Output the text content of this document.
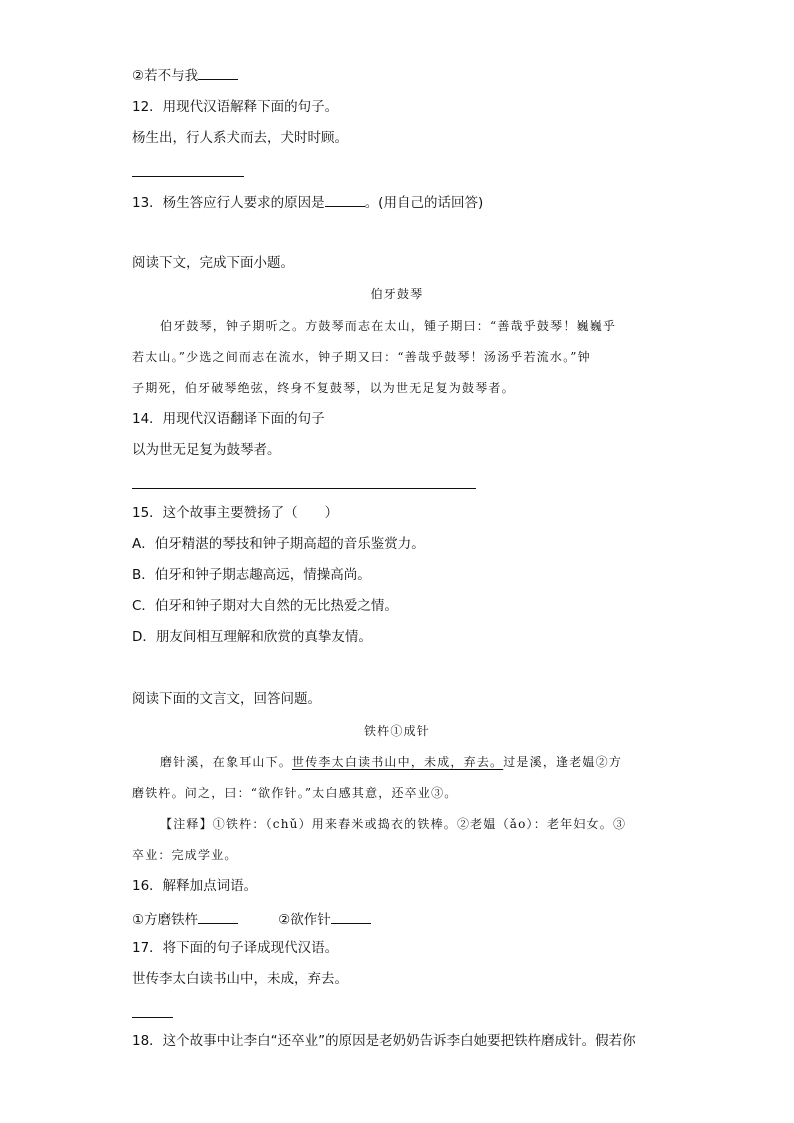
②若不与我
12．用现代汉语解释下面的句子。
杨生出，行人系犬而去，犬时时顾。
13．杨生答应行人要求的原因是	。(用自己的话回答)
阅读下文，完成下面小题。
伯牙鼓琴
伯牙鼓琴，钟子期听之。方鼓琴而志在太山，锺子期曰：“善哉乎鼓琴！巍巍乎
若太山。”少选之间而志在流水，钟子期又曰：“善哉乎鼓琴！汤汤乎若流水。”钟
子期死，伯牙破琴绝弦，终身不复鼓琴，以为世无足复为鼓琴者。
14．用现代汉语翻译下面的句子
以为世无足复为鼓琴者。
15．这个故事主要赞扬了（　　）
A．伯牙精湛的琴技和钟子期高超的音乐鉴赏力。
B．伯牙和钟子期志趣高远，情操高尚。
C．伯牙和钟子期对大自然的无比热爱之情。
D．朋友间相互理解和欣赏的真挚友情。
阅读下面的文言文，回答问题。
铁杵①成针
磨针溪，在象耳山下。世传李太白读书山中，未成，弃去。过是溪，逢老媪②方
磨铁杵。问之，曰：“欲作针。”太白感其意，还卒业③。
【注释】①铁杵：（chǔ）用来舂米或捣衣的铁棒。②老媪（ǎo）：老年妇女。③
卒业：完成学业。
16．解释加点词语。
①方磨铁杵	②欲作针
17．将下面的句子译成现代汉语。
世传李太白读书山中，未成，弃去。
18．这个故事中让李白“还卒业”的原因是老奶奶告诉李白她要把铁杵磨成针。假若你
